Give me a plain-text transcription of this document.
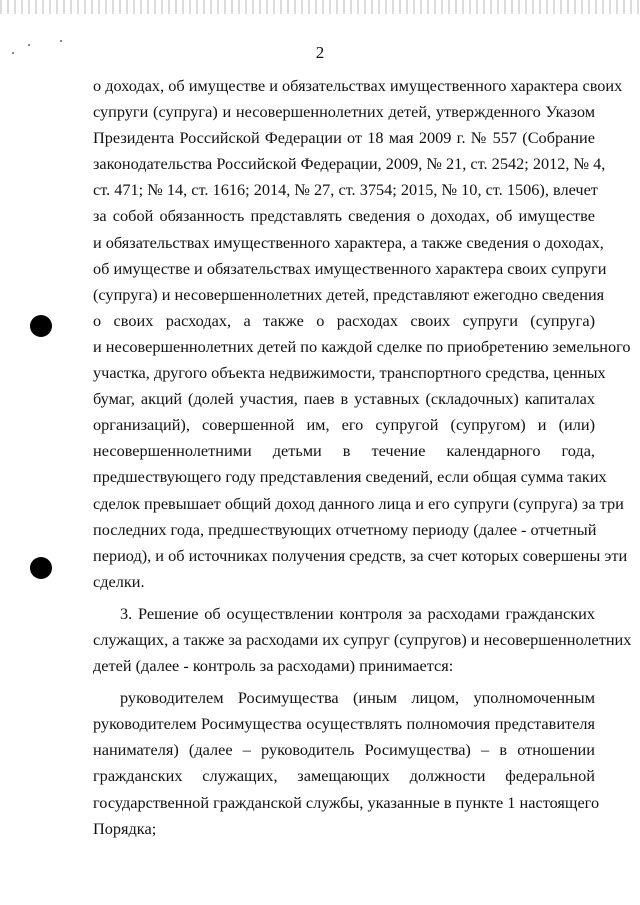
2
о доходах, об имуществе и обязательствах имущественного характера своих
супруги (супруга) и несовершеннолетних детей, утвержденного Указом
Президента Российской Федерации от 18 мая 2009 г. № 557 (Собрание
законодательства Российской Федерации, 2009, № 21, ст. 2542; 2012, № 4,
ст. 471; № 14, ст. 1616; 2014, № 27, ст. 3754; 2015, № 10, ст. 1506), влечет
за собой обязанность представлять сведения о доходах, об имуществе
и обязательствах имущественного характера, а также сведения о доходах,
об имуществе и обязательствах имущественного характера своих супруги
(супруга) и несовершеннолетних детей, представляют ежегодно сведения
о своих расходах, а также о расходах своих супруги (супруга)
и несовершеннолетних детей по каждой сделке по приобретению земельного
участка, другого объекта недвижимости, транспортного средства, ценных
бумаг, акций (долей участия, паев в уставных (складочных) капиталах
организаций), совершенной им, его супругой (супругом) и (или)
несовершеннолетними детьми в течение календарного года,
предшествующего году представления сведений, если общая сумма таких
сделок превышает общий доход данного лица и его супруги (супруга) за три
последних года, предшествующих отчетному периоду (далее - отчетный
период), и об источниках получения средств, за счет которых совершены эти
сделки.
3. Решение об осуществлении контроля за расходами гражданских
служащих, а также за расходами их супруг (супругов) и несовершеннолетних
детей (далее - контроль за расходами) принимается:
руководителем Росимущества (иным лицом, уполномоченным
руководителем Росимущества осуществлять полномочия представителя
нанимателя) (далее – руководитель Росимущества) – в отношении
гражданских служащих, замещающих должности федеральной
государственной гражданской службы, указанные в пункте 1 настоящего
Порядка;
